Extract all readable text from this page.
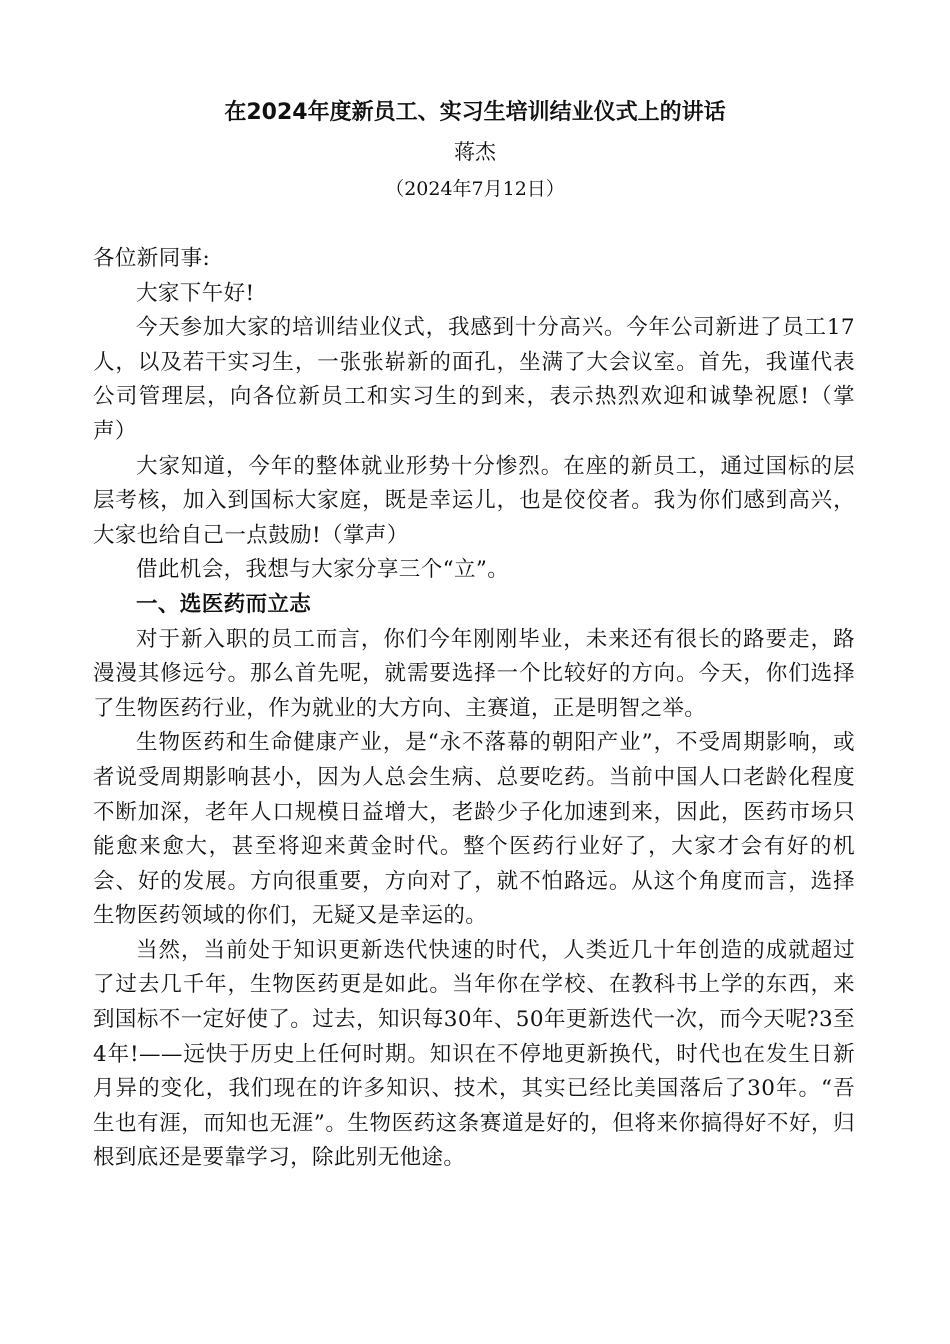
在2024年度新员工、实习生培训结业仪式上的讲话

蒋杰

（2024年7月12日）

各位新同事:

大家下午好!

今天参加大家的培训结业仪式，我感到十分高兴。今年公司新进了员工17人，以及若干实习生，一张张崭新的面孔，坐满了大会议室。首先，我谨代表公司管理层，向各位新员工和实习生的到来，表示热烈欢迎和诚挚祝愿!（掌声）

大家知道，今年的整体就业形势十分惨烈。在座的新员工，通过国标的层层考核，加入到国标大家庭，既是幸运儿，也是佼佼者。我为你们感到高兴，大家也给自己一点鼓励!（掌声）

借此机会，我想与大家分享三个“立”。

一、选医药而立志

对于新入职的员工而言，你们今年刚刚毕业，未来还有很长的路要走，路漫漫其修远兮。那么首先呢，就需要选择一个比较好的方向。今天，你们选择了生物医药行业，作为就业的大方向、主赛道，正是明智之举。

生物医药和生命健康产业，是“永不落幕的朝阳产业”，不受周期影响，或者说受周期影响甚小，因为人总会生病、总要吃药。当前中国人口老龄化程度不断加深，老年人口规模日益增大，老龄少子化加速到来，因此，医药市场只能愈来愈大，甚至将迎来黄金时代。整个医药行业好了，大家才会有好的机会、好的发展。方向很重要，方向对了，就不怕路远。从这个角度而言，选择生物医药领域的你们，无疑又是幸运的。

当然，当前处于知识更新迭代快速的时代，人类近几十年创造的成就超过了过去几千年，生物医药更是如此。当年你在学校、在教科书上学的东西，来到国标不一定好使了。过去，知识每30年、50年更新迭代一次，而今天呢?3至4年!——远快于历史上任何时期。知识在不停地更新换代，时代也在发生日新月异的变化，我们现在的许多知识、技术，其实已经比美国落后了30年。“吾生也有涯，而知也无涯”。生物医药这条赛道是好的，但将来你搞得好不好，归根到底还是要靠学习，除此别无他途。
